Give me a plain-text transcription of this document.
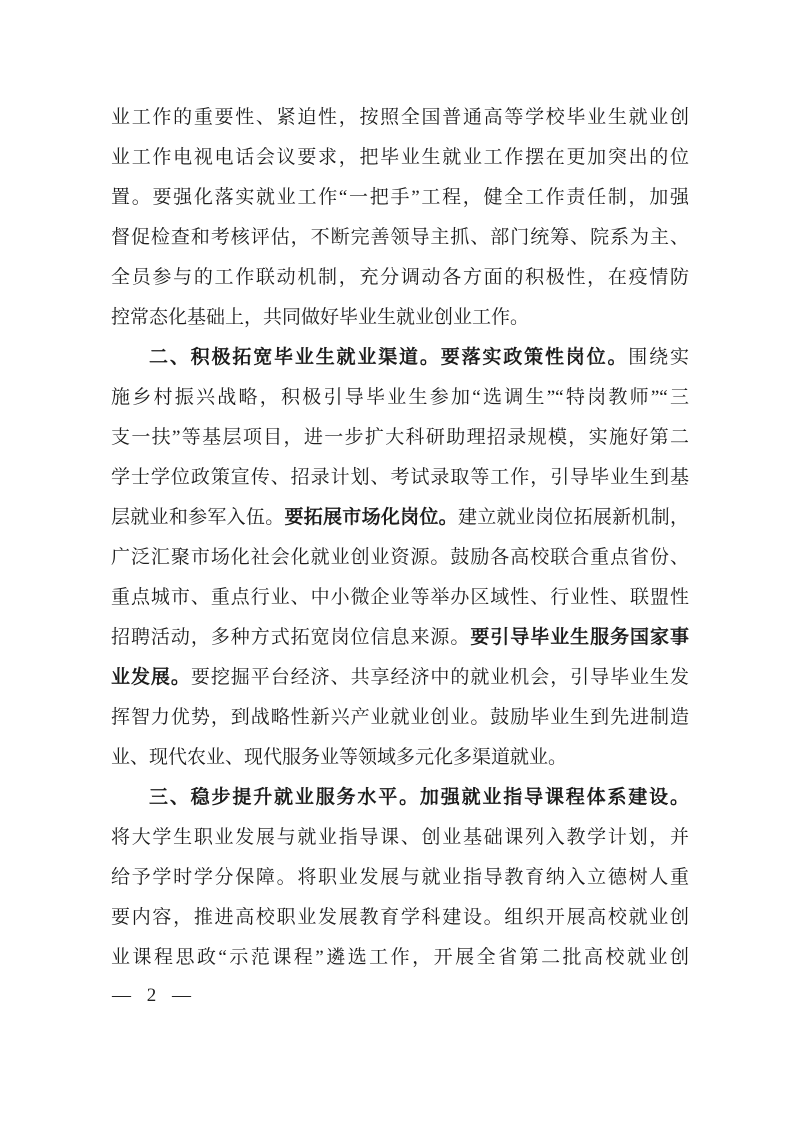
业工作的重要性、紧迫性，按照全国普通高等学校毕业生就业创
业工作电视电话会议要求，把毕业生就业工作摆在更加突出的位
置。要强化落实就业工作“一把手”工程，健全工作责任制，加强
督促检查和考核评估，不断完善领导主抓、部门统筹、院系为主、
全员参与的工作联动机制，充分调动各方面的积极性，在疫情防
控常态化基础上，共同做好毕业生就业创业工作。
二、积极拓宽毕业生就业渠道。要落实政策性岗位。围绕实
施乡村振兴战略，积极引导毕业生参加“选调生”“特岗教师”“三
支一扶”等基层项目，进一步扩大科研助理招录规模，实施好第二
学士学位政策宣传、招录计划、考试录取等工作，引导毕业生到基
层就业和参军入伍。要拓展市场化岗位。建立就业岗位拓展新机制，
广泛汇聚市场化社会化就业创业资源。鼓励各高校联合重点省份、
重点城市、重点行业、中小微企业等举办区域性、行业性、联盟性
招聘活动，多种方式拓宽岗位信息来源。要引导毕业生服务国家事
业发展。要挖掘平台经济、共享经济中的就业机会，引导毕业生发
挥智力优势，到战略性新兴产业就业创业。鼓励毕业生到先进制造
业、现代农业、现代服务业等领域多元化多渠道就业。
三、稳步提升就业服务水平。加强就业指导课程体系建设。
将大学生职业发展与就业指导课、创业基础课列入教学计划，并
给予学时学分保障。将职业发展与就业指导教育纳入立德树人重
要内容，推进高校职业发展教育学科建设。组织开展高校就业创
业课程思政“示范课程”遴选工作，开展全省第二批高校就业创
— 2 —
